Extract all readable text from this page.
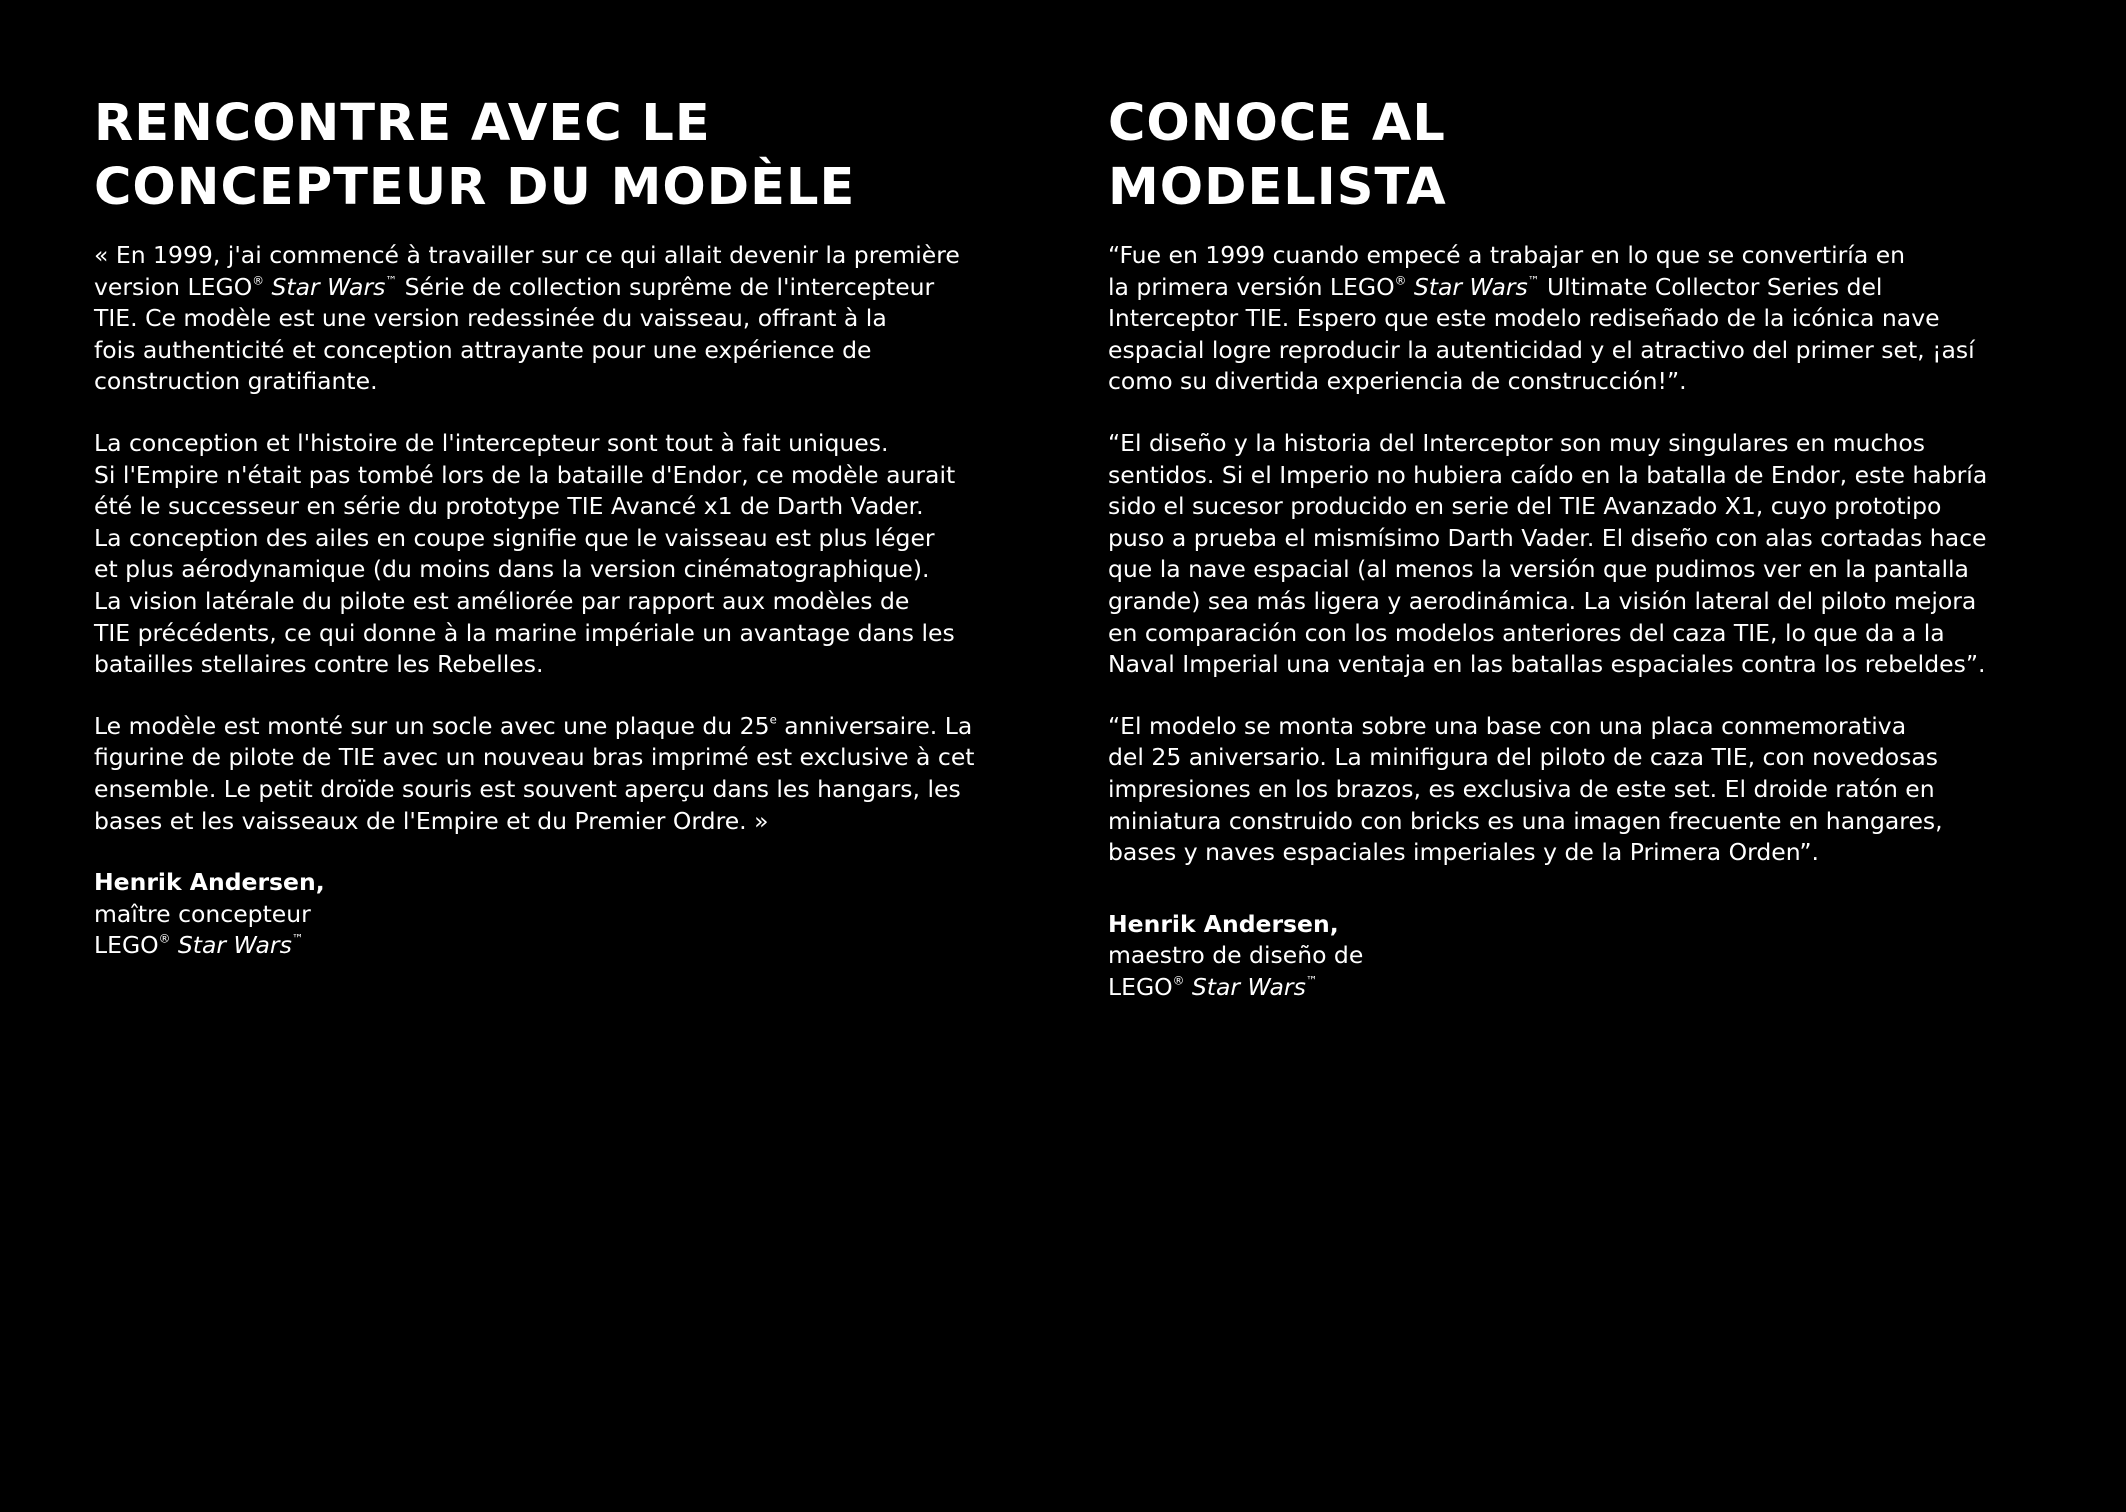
RENCONTRE AVEC LE
CONCEPTEUR DU MODÈLE

« En 1999, j'ai commencé à travailler sur ce qui allait devenir la première
version LEGO® Star Wars™ Série de collection suprême de l'intercepteur
TIE. Ce modèle est une version redessinée du vaisseau, offrant à la
fois authenticité et conception attrayante pour une expérience de
construction gratifiante.

La conception et l'histoire de l'intercepteur sont tout à fait uniques.
Si l'Empire n'était pas tombé lors de la bataille d'Endor, ce modèle aurait
été le successeur en série du prototype TIE Avancé x1 de Darth Vader.
La conception des ailes en coupe signifie que le vaisseau est plus léger
et plus aérodynamique (du moins dans la version cinématographique).
La vision latérale du pilote est améliorée par rapport aux modèles de
TIE précédents, ce qui donne à la marine impériale un avantage dans les
batailles stellaires contre les Rebelles.

Le modèle est monté sur un socle avec une plaque du 25e anniversaire. La
figurine de pilote de TIE avec un nouveau bras imprimé est exclusive à cet
ensemble. Le petit droïde souris est souvent aperçu dans les hangars, les
bases et les vaisseaux de l'Empire et du Premier Ordre. »

Henrik Andersen,
maître concepteur
LEGO® Star Wars™
CONOCE AL
MODELISTA

“Fue en 1999 cuando empecé a trabajar en lo que se convertiría en
la primera versión LEGO® Star Wars™ Ultimate Collector Series del
Interceptor TIE. Espero que este modelo rediseñado de la icónica nave
espacial logre reproducir la autenticidad y el atractivo del primer set, ¡así
como su divertida experiencia de construcción!”.

“El diseño y la historia del Interceptor son muy singulares en muchos
sentidos. Si el Imperio no hubiera caído en la batalla de Endor, este habría
sido el sucesor producido en serie del TIE Avanzado X1, cuyo prototipo
puso a prueba el mismísimo Darth Vader. El diseño con alas cortadas hace
que la nave espacial (al menos la versión que pudimos ver en la pantalla
grande) sea más ligera y aerodinámica. La visión lateral del piloto mejora
en comparación con los modelos anteriores del caza TIE, lo que da a la
Naval Imperial una ventaja en las batallas espaciales contra los rebeldes”.

“El modelo se monta sobre una base con una placa conmemorativa
del 25 aniversario. La minifigura del piloto de caza TIE, con novedosas
impresiones en los brazos, es exclusiva de este set. El droide ratón en
miniatura construido con bricks es una imagen frecuente en hangares,
bases y naves espaciales imperiales y de la Primera Orden”.

Henrik Andersen,
maestro de diseño de
LEGO® Star Wars™
